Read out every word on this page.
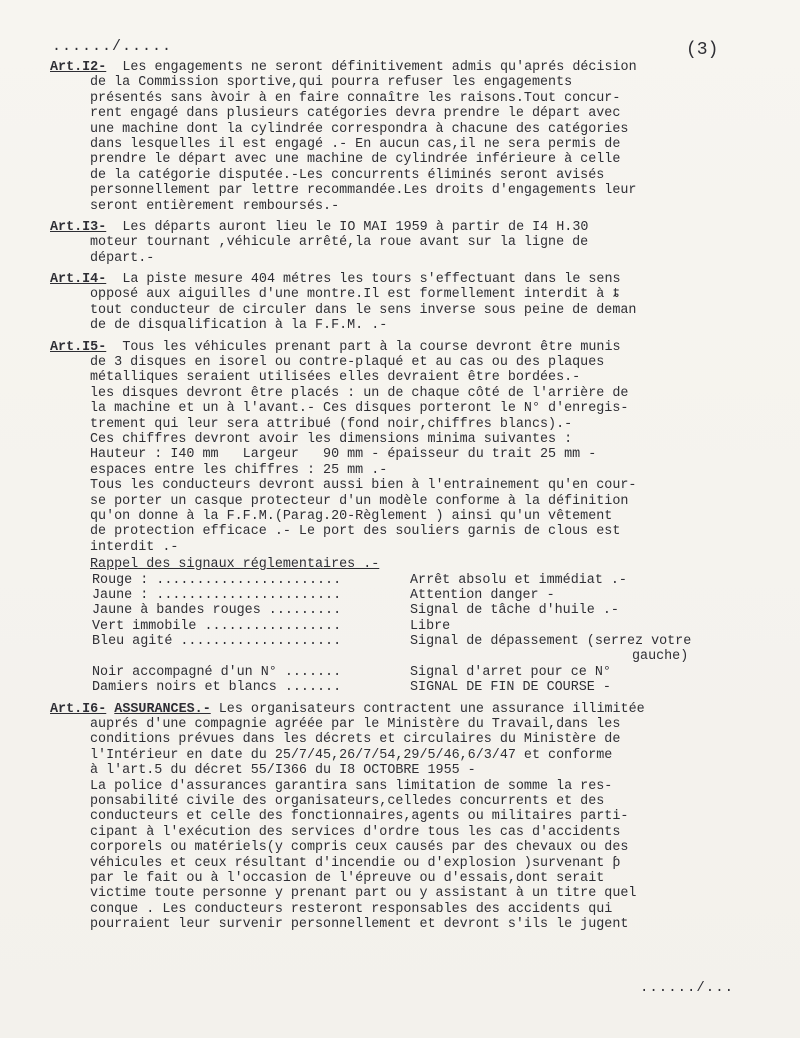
....../.....	(3)
Art.I2- Les engagements ne seront définitivement admis qu'aprés décision
de la Commission sportive,qui pourra refuser les engagements
présentés sans àvoir à en faire connaître les raisons.Tout concur-
rent engagé dans plusieurs catégories devra prendre le départ avec
une machine dont la cylindrée correspondra à chacune des catégories
dans lesquelles il est engagé .- En aucun cas,il ne sera permis de
prendre le départ avec une machine de cylindrée inférieure à celle
de la catégorie disputée.-Les concurrents éliminés seront avisés
personnellement par lettre recommandée.Les droits d'engagements leur
seront entièrement remboursés.-
Art.I3- Les départs auront lieu le IO MAI 1959 à partir de I4 H.30
moteur tournant ,véhicule arrêté,la roue avant sur la ligne de
départ.-
Art.I4- La piste mesure 404 métres les tours s'effectuant dans le sens
opposé aux aiguilles d'une montre.Il est formellement interdit à ȶ
tout conducteur de circuler dans le sens inverse sous peine de deman
de de disqualification à la F.F.M. .-
Art.I5- Tous les véhicules prenant part à la course devront être munis
de 3 disques en isorel ou contre-plaqué et au cas ou des plaques
métalliques seraient utilisées elles devraient être bordées.-
les disques devront être placés : un de chaque côté de l'arrière de
la machine et un à l'avant.- Ces disques porteront le N° d'enregis-
trement qui leur sera attribué (fond noir,chiffres blancs).-
Ces chiffres devront avoir les dimensions minima suivantes :
Hauteur : I40 mm   Largeur   90 mm - épaisseur du trait 25 mm -
espaces entre les chiffres : 25 mm .-
Tous les conducteurs devront aussi bien à l'entrainement qu'en cour-
se porter un casque protecteur d'un modèle conforme à la définition
qu'on donne à la F.F.M.(Parag.20-Règlement ) ainsi qu'un vêtement
de protection efficace .- Le port des souliers garnis de clous est
interdit .-
Rappel des signaux réglementaires .-
Rouge : .......................	Arrêt absolu et immédiat .-
Jaune : .......................	Attention danger -
Jaune à bandes rouges .........	Signal de tâche d'huile .-
Vert immobile .................	Libre
Bleu agité ....................	Signal de dépassement (serrez votre
gauche)
Noir accompagné d'un N° .......	Signal d'arret pour ce N°
Damiers noirs et blancs .......	SIGNAL DE FIN DE COURSE -
Art.I6- ASSURANCES.- Les organisateurs contractent une assurance illimitée
auprés d'une compagnie agréée par le Ministère du Travail,dans les
conditions prévues dans les décrets et circulaires du Ministère de
l'Intérieur en date du 25/7/45,26/7/54,29/5/46,6/3/47 et conforme
à l'art.5 du décret 55/I366 du I8 OCTOBRE 1955 -
La police d'assurances garantira sans limitation de somme la res-
ponsabilité civile des organisateurs,celledes concurrents et des
conducteurs et celle des fonctionnaires,agents ou militaires parti-
cipant à l'exécution des services d'ordre tous les cas d'accidents
corporels ou matériels(y compris ceux causés par des chevaux ou des
véhicules et ceux résultant d'incendie ou d'explosion )survenant ƥ
par le fait ou à l'occasion de l'épreuve ou d'essais,dont serait
victime toute personne y prenant part ou y assistant à un titre quel
conque . Les conducteurs resteront responsables des accidents qui
pourraient leur survenir personnellement et devront s'ils le jugent
....../...
